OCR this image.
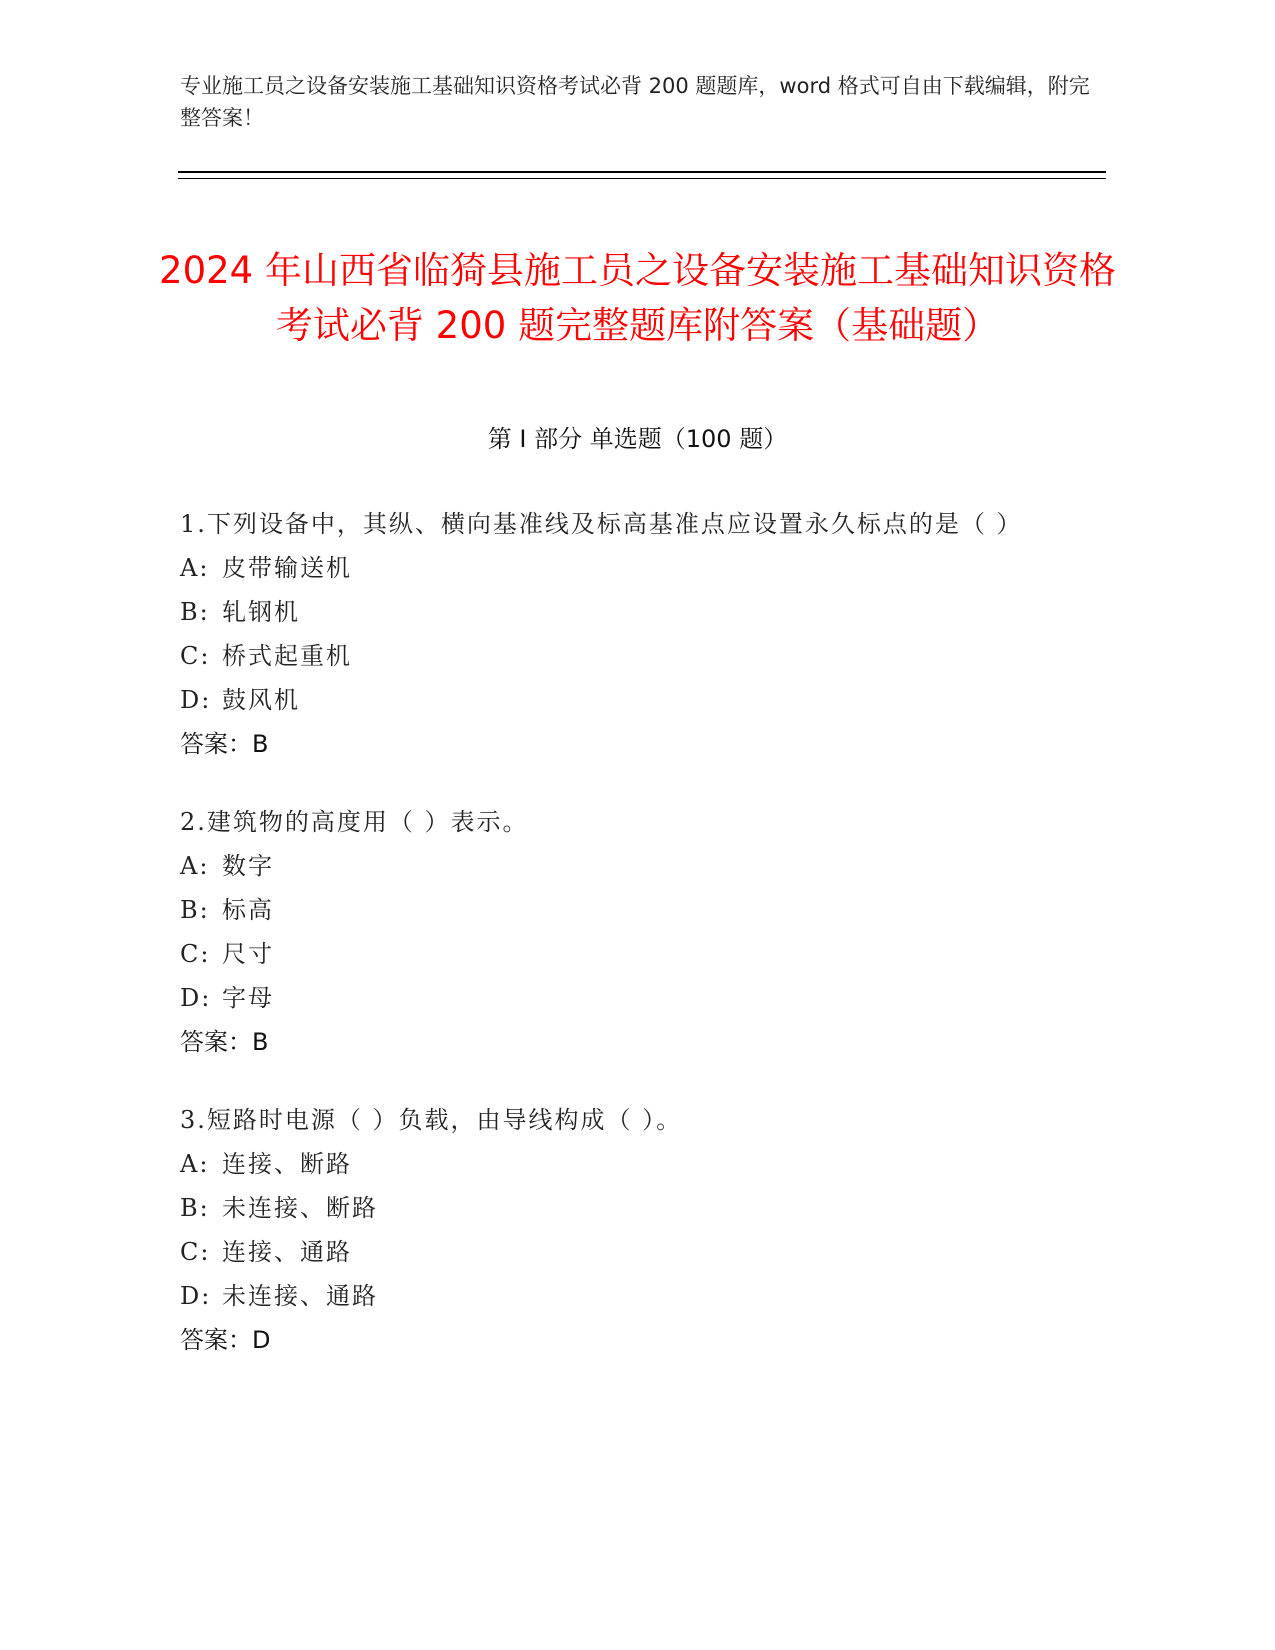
专业施工员之设备安装施工基础知识资格考试必背 200 题题库，word 格式可自由下载编辑，附完整答案！
2024 年山西省临猗县施工员之设备安装施工基础知识资格考试必背 200 题完整题库附答案（基础题）
第 I 部分 单选题（100 题）
1.下列设备中，其纵、横向基准线及标高基准点应设置永久标点的是（ ）
A: 皮带输送机
B: 轧钢机
C: 桥式起重机
D: 鼓风机
答案：B
2.建筑物的高度用（ ）表示。
A: 数字
B: 标高
C: 尺寸
D: 字母
答案：B
3.短路时电源（ ）负载，由导线构成（ ）。
A: 连接、断路
B: 未连接、断路
C: 连接、通路
D: 未连接、通路
答案：D
